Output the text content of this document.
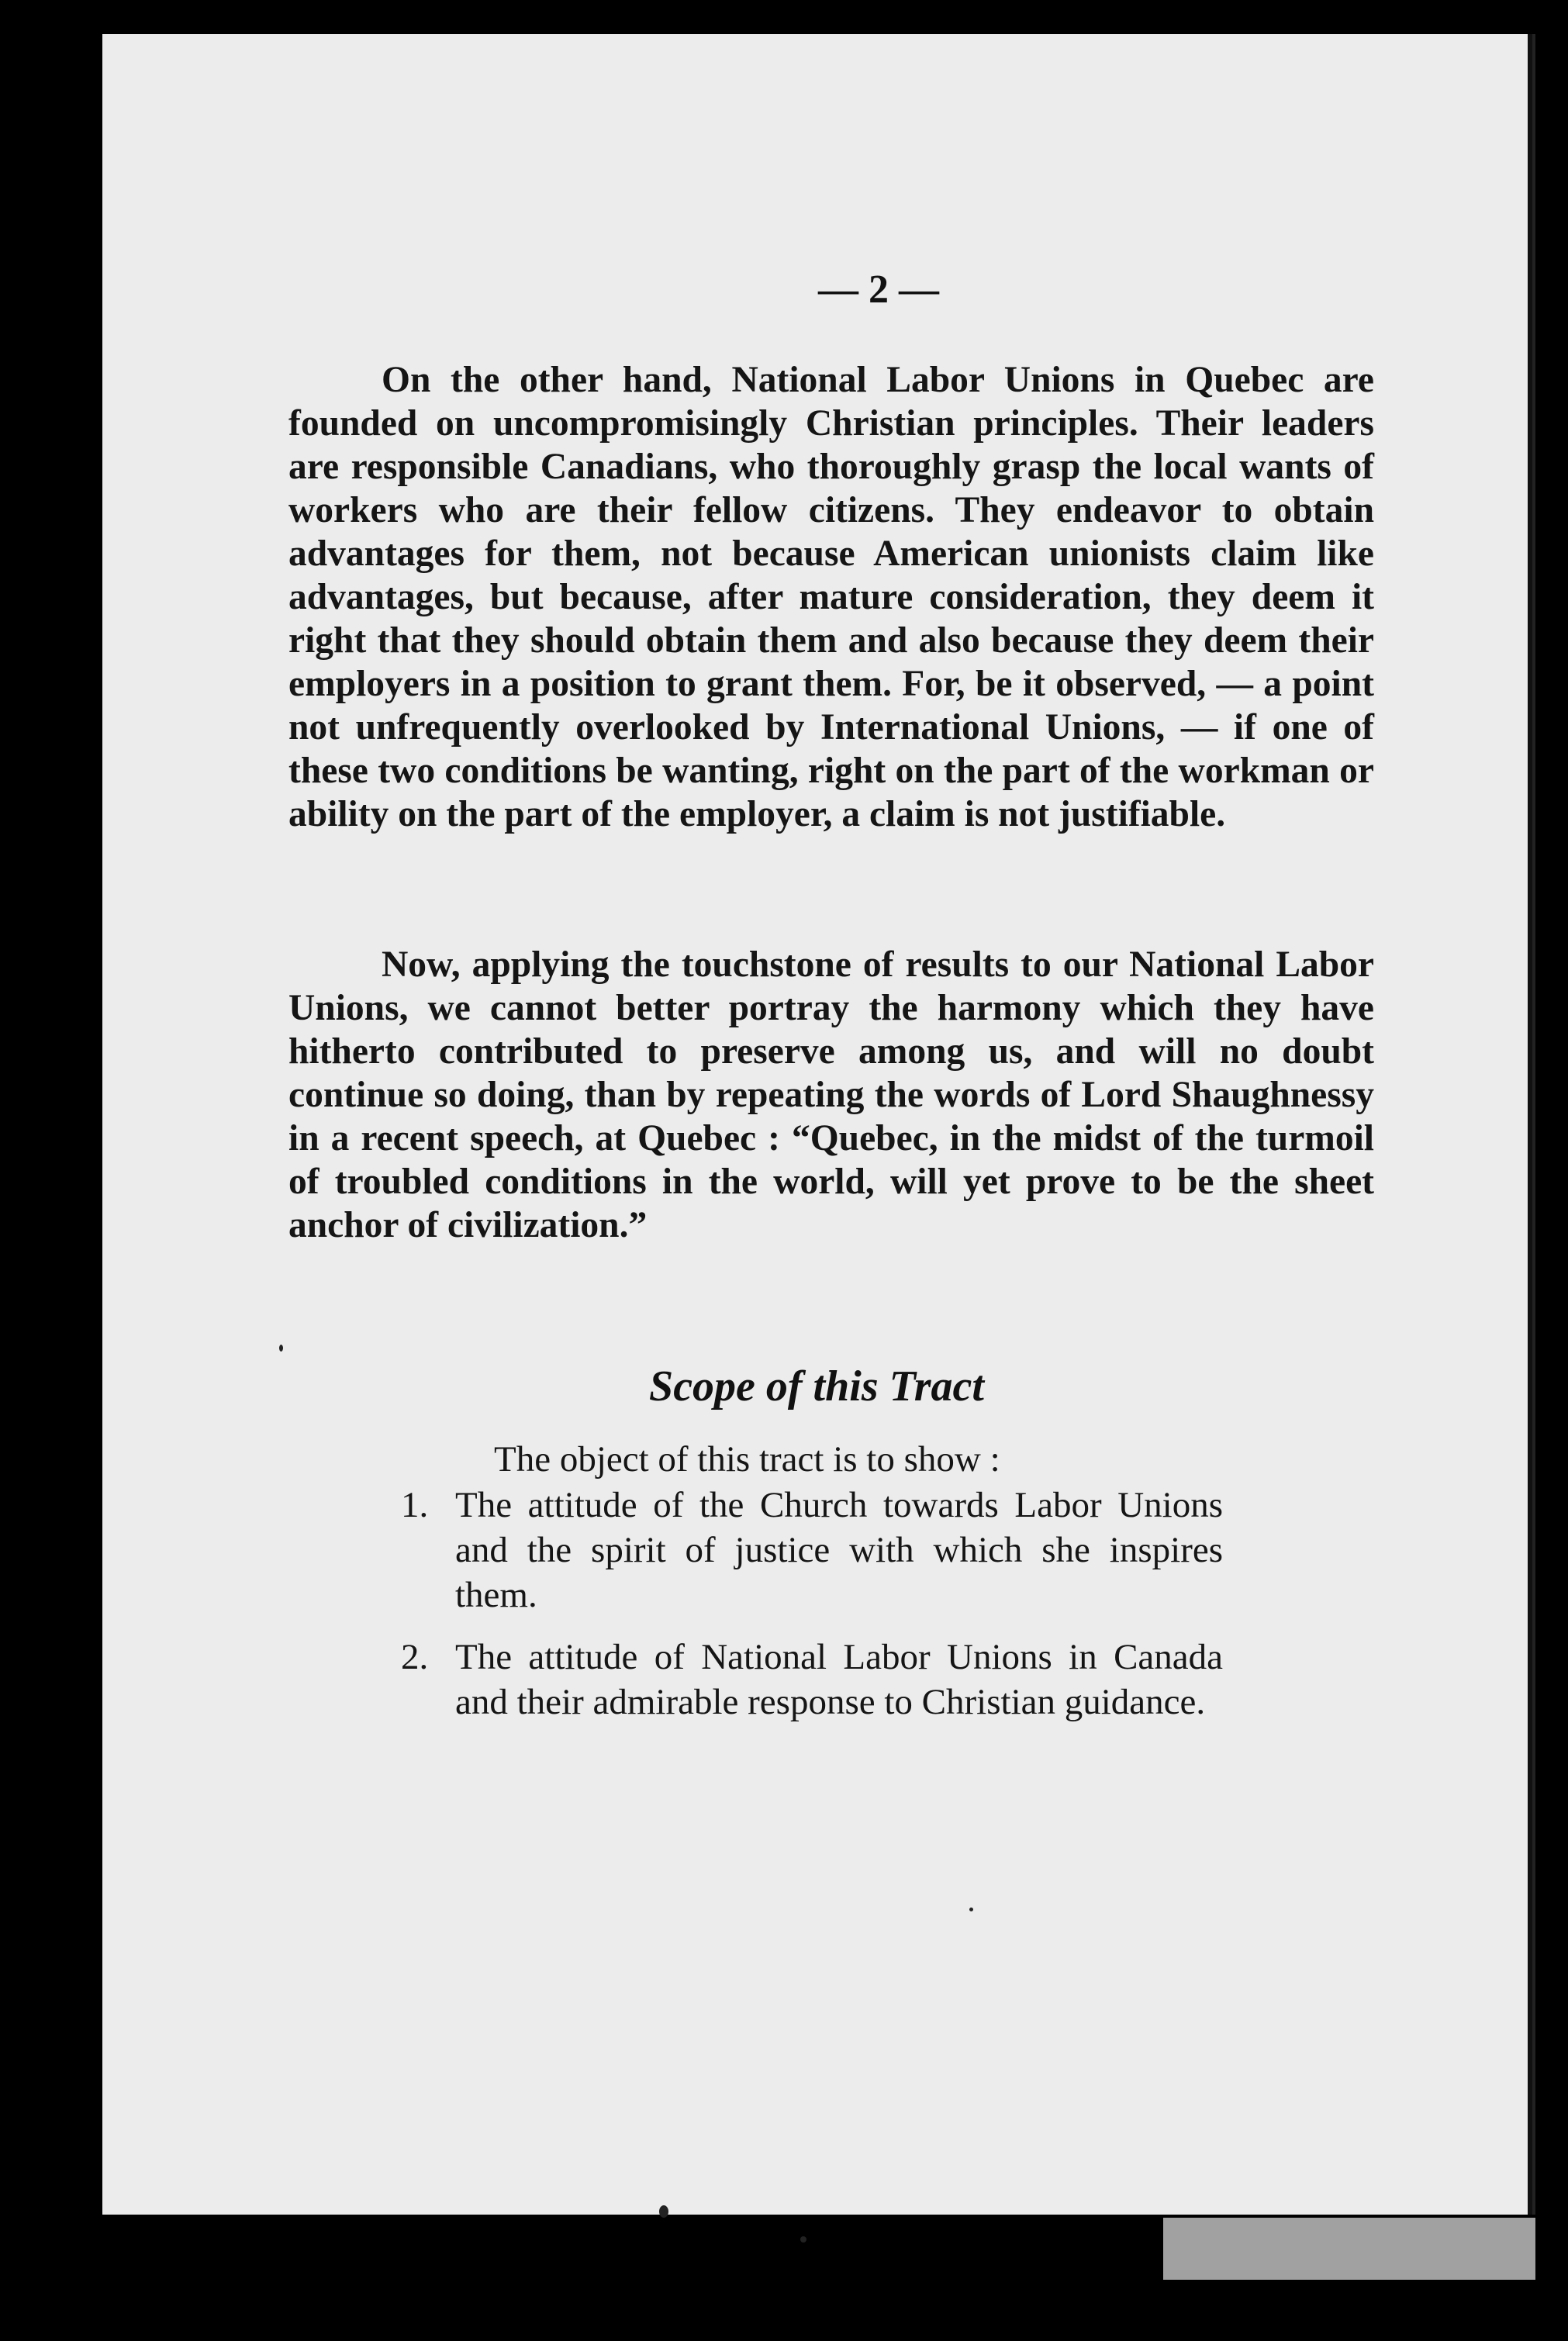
— 2 —

On the other hand, National Labor Unions in Quebec are founded on uncompromisingly Christian principles. Their leaders are responsible Canadians, who thoroughly grasp the local wants of workers who are their fellow citizens. They endeavor to obtain advantages for them, not because American unionists claim like advantages, but because, after mature consideration, they deem it right that they should obtain them and also because they deem their employers in a position to grant them. For, be it observed, — a point not unfrequently overlooked by International Unions, — if one of these two conditions be wanting, right on the part of the workman or ability on the part of the employer, a claim is not justifiable.

Now, applying the touchstone of results to our National Labor Unions, we cannot better portray the harmony which they have hitherto contributed to preserve among us, and will no doubt continue so doing, than by repeating the words of Lord Shaughnessy in a recent speech, at Quebec : “Quebec, in the midst of the turmoil of troubled conditions in the world, will yet prove to be the sheet anchor of civilization.”

Scope of this Tract

The object of this tract is to show :

1. The attitude of the Church towards Labor Unions and the spirit of justice with which she inspires them.
2. The attitude of National Labor Unions in Canada and their admirable response to Christian guidance.
